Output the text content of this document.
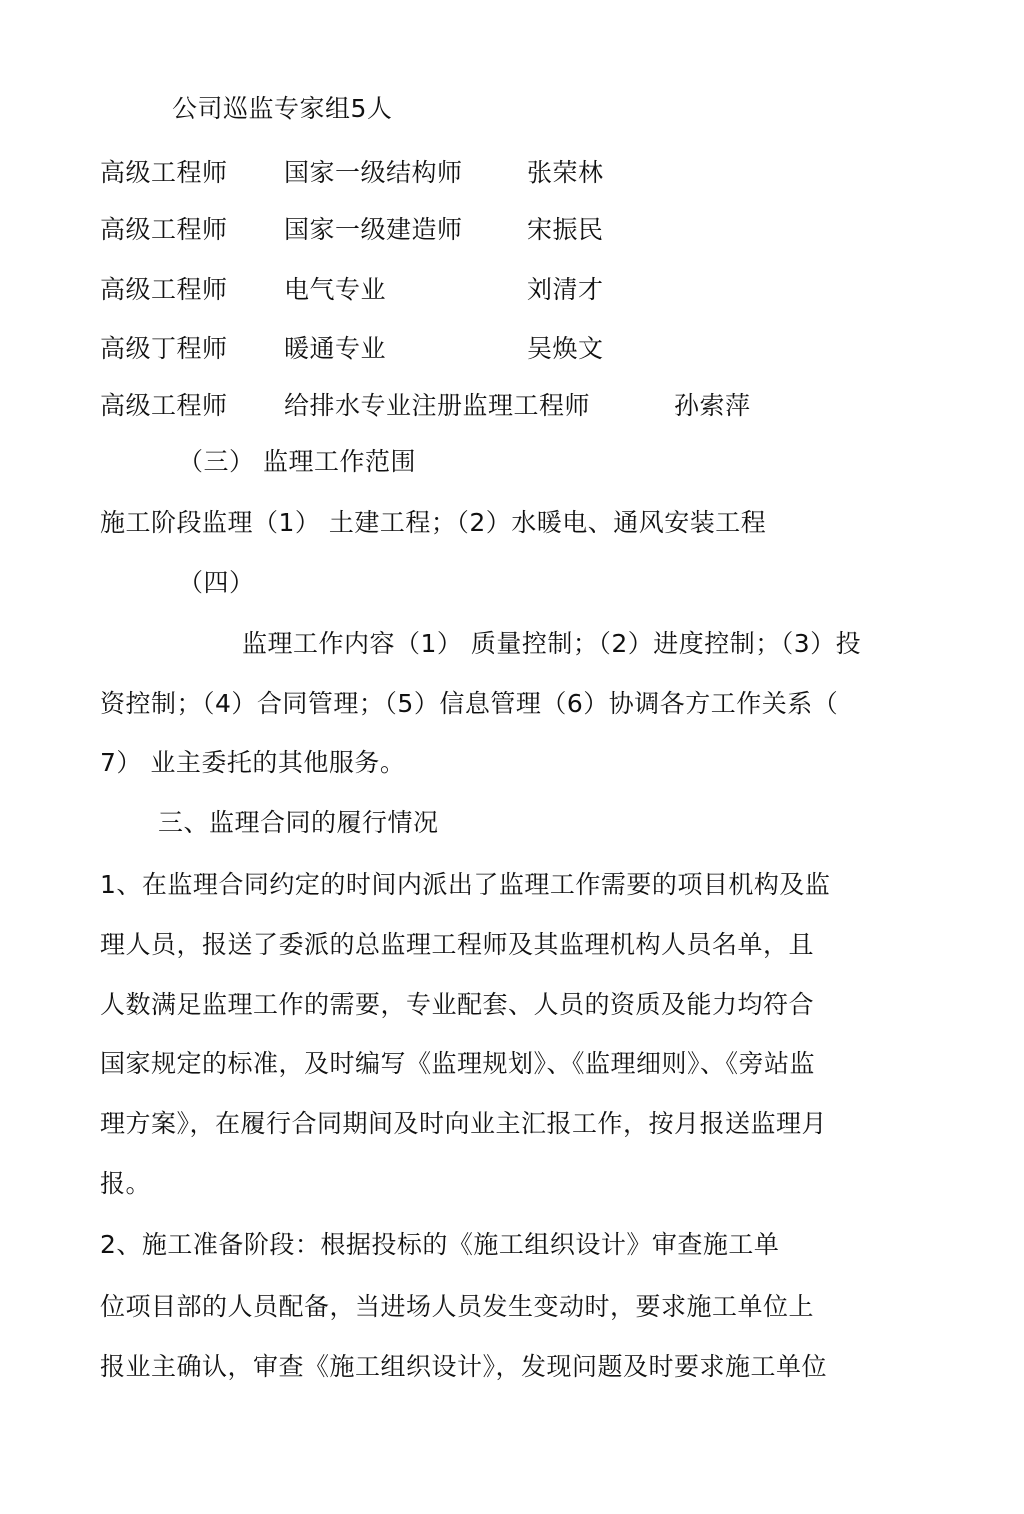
公司巡监专家组5人
高级工程师 国家一级结构师	张荣林
高级工程师 国家一级建造师	宋振民
高级工程师 电气专业	刘清才
高级丁程师 暖通专业	吴焕文
高级工程师 给排水专业注册监理工程师	孙索萍
（三） 监理工作范围
施工阶段监理（1） 土建工程；（2）水暖电、通风安装工程
（四）
监理工作内容（1） 质量控制；（2）进度控制；（3）投
资控制；（4）合同管理；（5）信息管理（6）协调各方工作关系（
7） 业主委托的其他服务。
三、监理合同的履行情况
1、在监理合同约定的时间内派出了监理工作需要的项目机构及监
理人员，报送了委派的总监理工程师及其监理机构人员名单，且
人数满足监理工作的需要，专业配套、人员的资质及能力均符合
国家规定的标准，及时编写《监理规划》、《监理细则》、《旁站监
理方案》，在履行合同期间及时向业主汇报工作，按月报送监理月
报。
2、施工准备阶段：根据投标的《施工组织设计》审查施工单
位项目部的人员配备，当进场人员发生变动时，要求施工单位上
报业主确认，审查《施工组织设计》，发现问题及时要求施工单位
